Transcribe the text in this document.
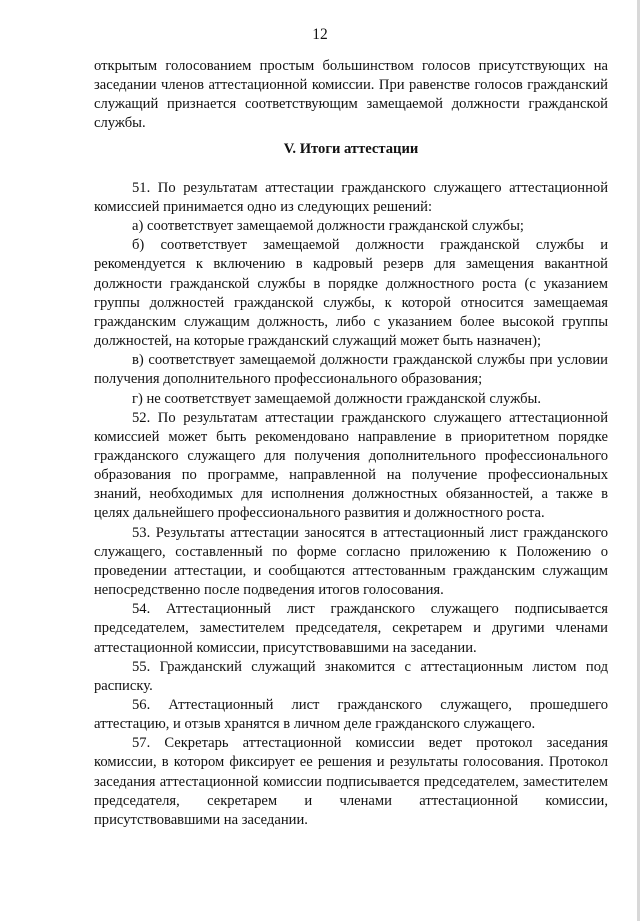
12

открытым голосованием простым большинством голосов присутствующих на заседании членов аттестационной комиссии. При равенстве голосов гражданский служащий признается соответствующим замещаемой должности гражданской службы.

V. Итоги аттестации

51. По результатам аттестации гражданского служащего аттестационной комиссией принимается одно из следующих решений:

а) соответствует замещаемой должности гражданской службы;

б) соответствует замещаемой должности гражданской службы и рекомендуется к включению в кадровый резерв для замещения вакантной должности гражданской службы в порядке должностного роста (с указанием группы должностей гражданской службы, к которой относится замещаемая гражданским служащим должность, либо с указанием более высокой группы должностей, на которые гражданский служащий может быть назначен);

в) соответствует замещаемой должности гражданской службы при условии получения дополнительного профессионального образования;

г) не соответствует замещаемой должности гражданской службы.

52. По результатам аттестации гражданского служащего аттестационной комиссией может быть рекомендовано направление в приоритетном порядке гражданского служащего для получения дополнительного профессионального образования по программе, направленной на получение профессиональных знаний, необходимых для исполнения должностных обязанностей, а также в целях дальнейшего профессионального развития и должностного роста.

53. Результаты аттестации заносятся в аттестационный лист гражданского служащего, составленный по форме согласно приложению к Положению о проведении аттестации, и сообщаются аттестованным гражданским служащим непосредственно после подведения итогов голосования.

54. Аттестационный лист гражданского служащего подписывается председателем, заместителем председателя, секретарем и другими членами аттестационной комиссии, присутствовавшими на заседании.

55. Гражданский служащий знакомится с аттестационным листом под расписку.

56. Аттестационный лист гражданского служащего, прошедшего аттестацию, и отзыв хранятся в личном деле гражданского служащего.

57. Секретарь аттестационной комиссии ведет протокол заседания комиссии, в котором фиксирует ее решения и результаты голосования. Протокол заседания аттестационной комиссии подписывается председателем, заместителем председателя, секретарем и членами аттестационной комиссии, присутствовавшими на заседании.
